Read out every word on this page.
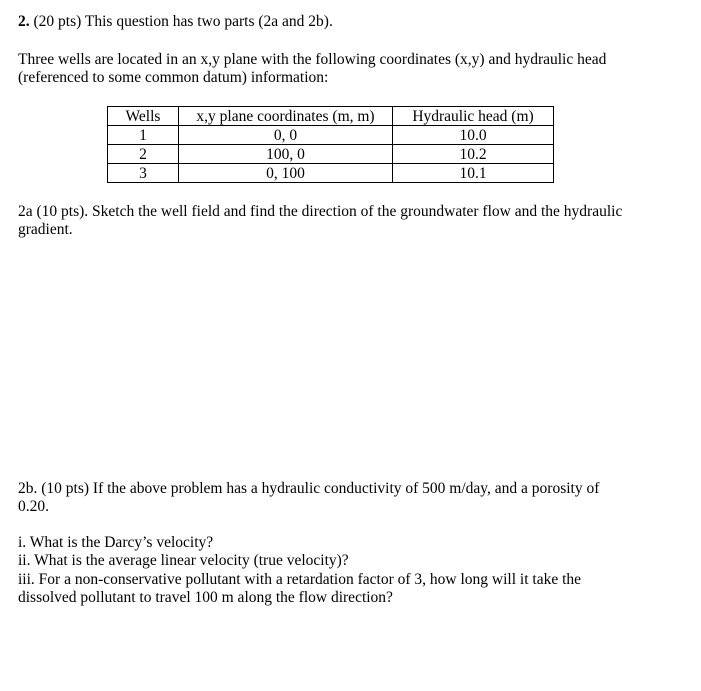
2. (20 pts) This question has two parts (2a and 2b).
Three wells are located in an x,y plane with the following coordinates (x,y) and hydraulic head
(referenced to some common datum) information:
Wells	x,y plane coordinates (m, m)	Hydraulic head (m)
1	0, 0	10.0
2	100, 0	10.2
3	0, 100	10.1
2a (10 pts). Sketch the well field and find the direction of the groundwater flow and the hydraulic
gradient.
2b. (10 pts) If the above problem has a hydraulic conductivity of 500 m/day, and a porosity of
0.20.
i. What is the Darcy’s velocity?
ii. What is the average linear velocity (true velocity)?
iii. For a non-conservative pollutant with a retardation factor of 3, how long will it take the
dissolved pollutant to travel 100 m along the flow direction?
